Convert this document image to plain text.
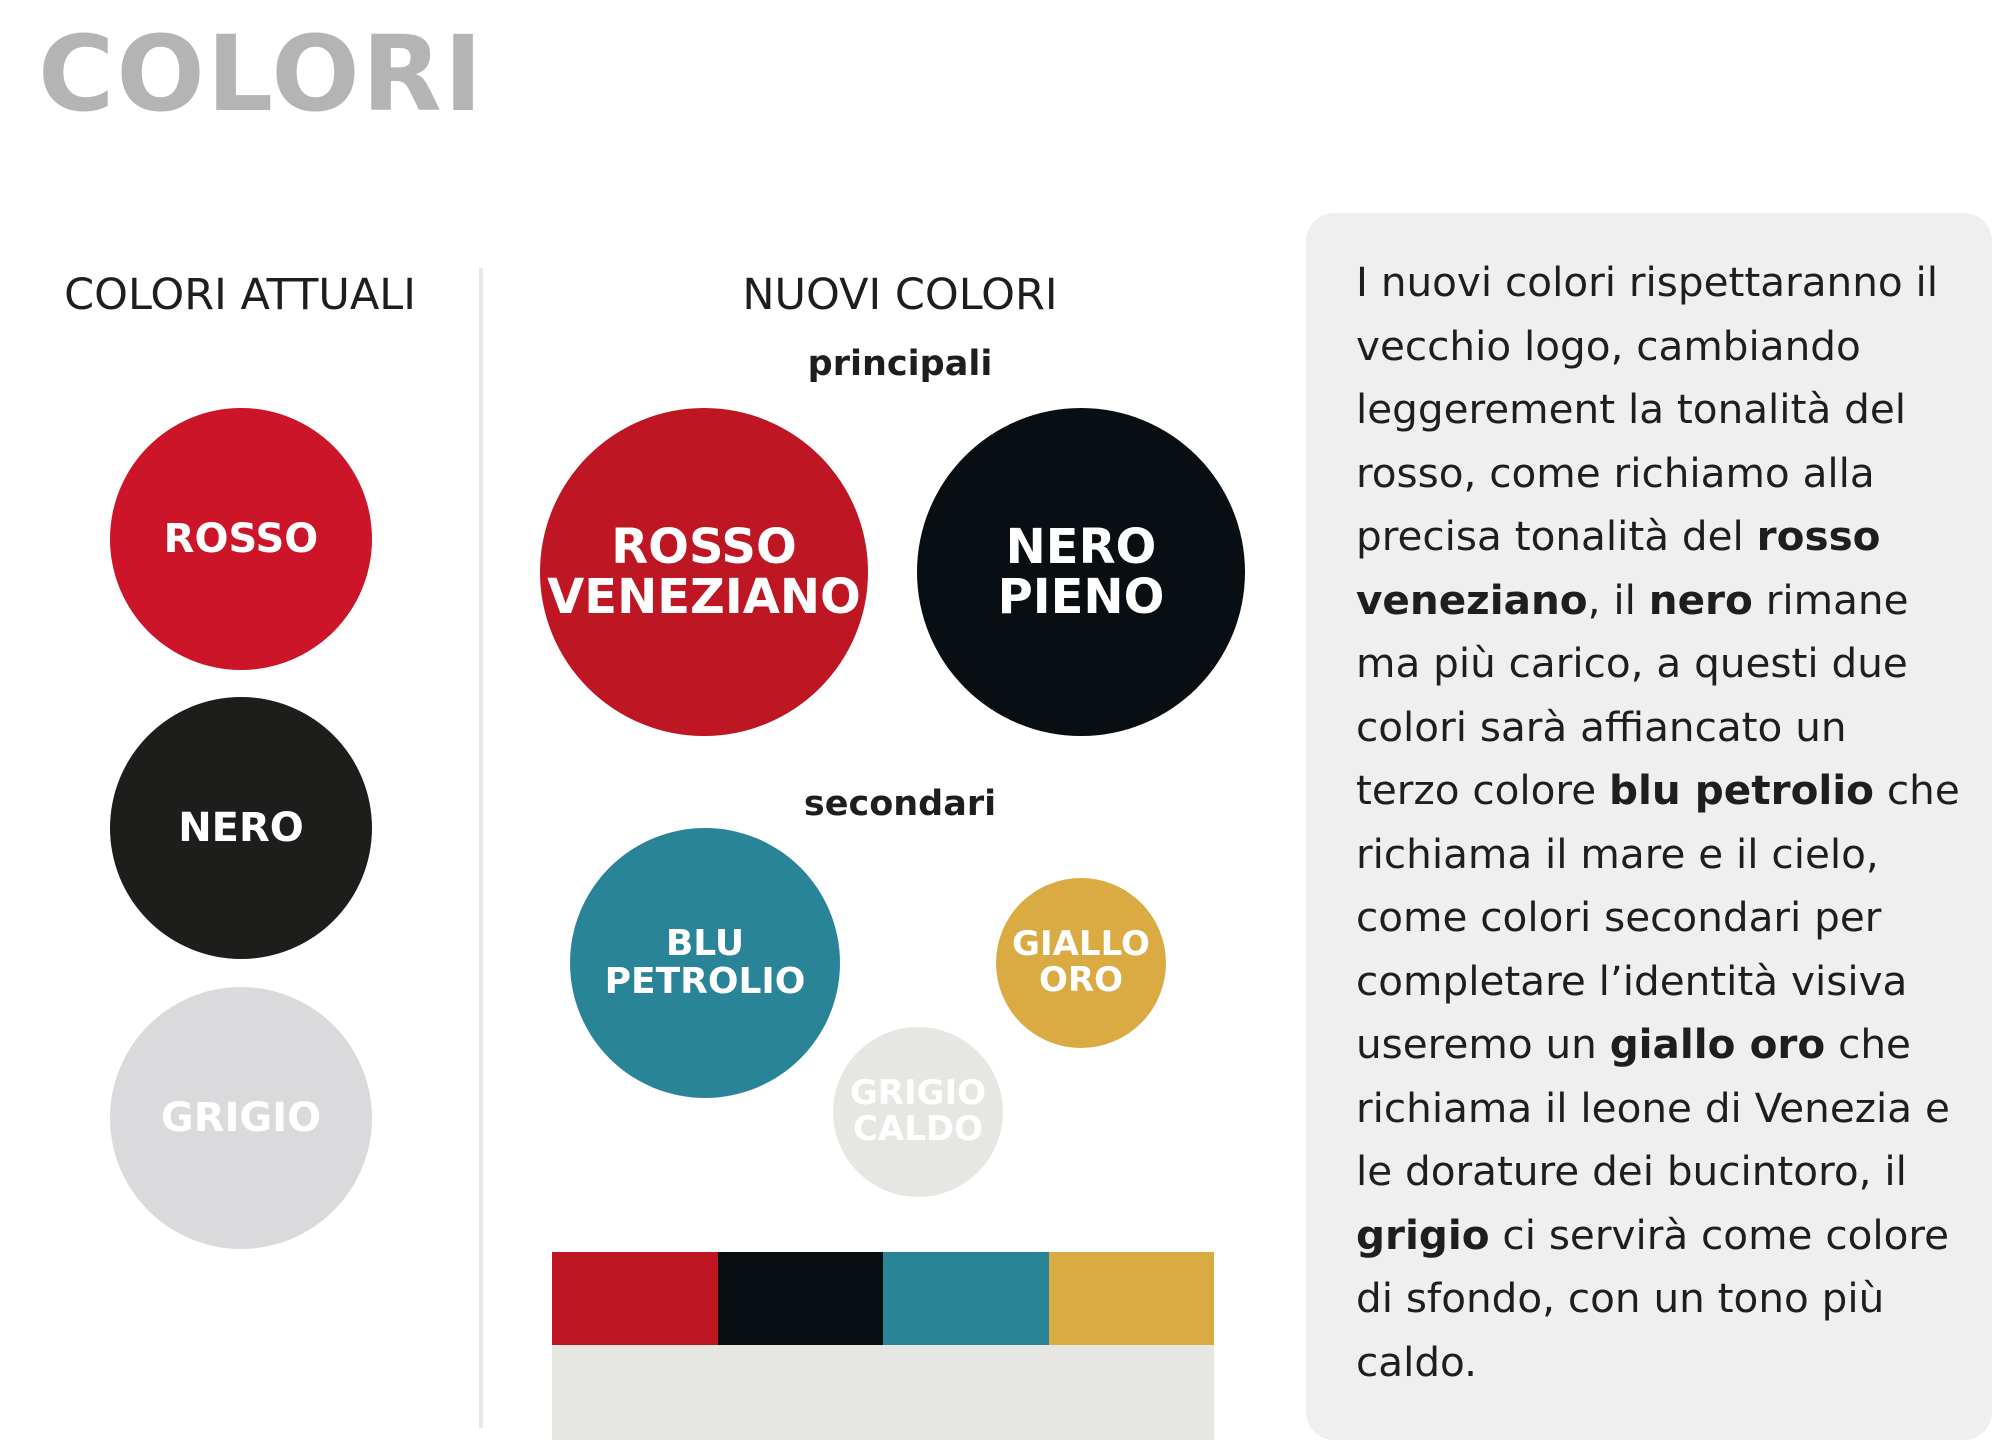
COLORI
COLORI ATTUALI	NUOVI COLORI
principali
secondari
ROSSO
NERO
GRIGIO
ROSSO
VENEZIANO
NERO
PIENO
BLU
PETROLIO
GIALLO
ORO
GRIGIO
CALDO
I nuovi colori rispettaranno il vecchio logo, cambiando leggerement la tonalità del rosso, come richiamo alla precisa tonalità del rosso veneziano, il nero rimane ma più carico, a questi due colori sarà affiancato un terzo colore blu petrolio che richiama il mare e il cielo, come colori secondari per completare l’identità visiva useremo un giallo oro che richiama il leone di Venezia e le dorature dei bucintoro, il grigio ci servirà come colore di sfondo, con un tono più caldo.
